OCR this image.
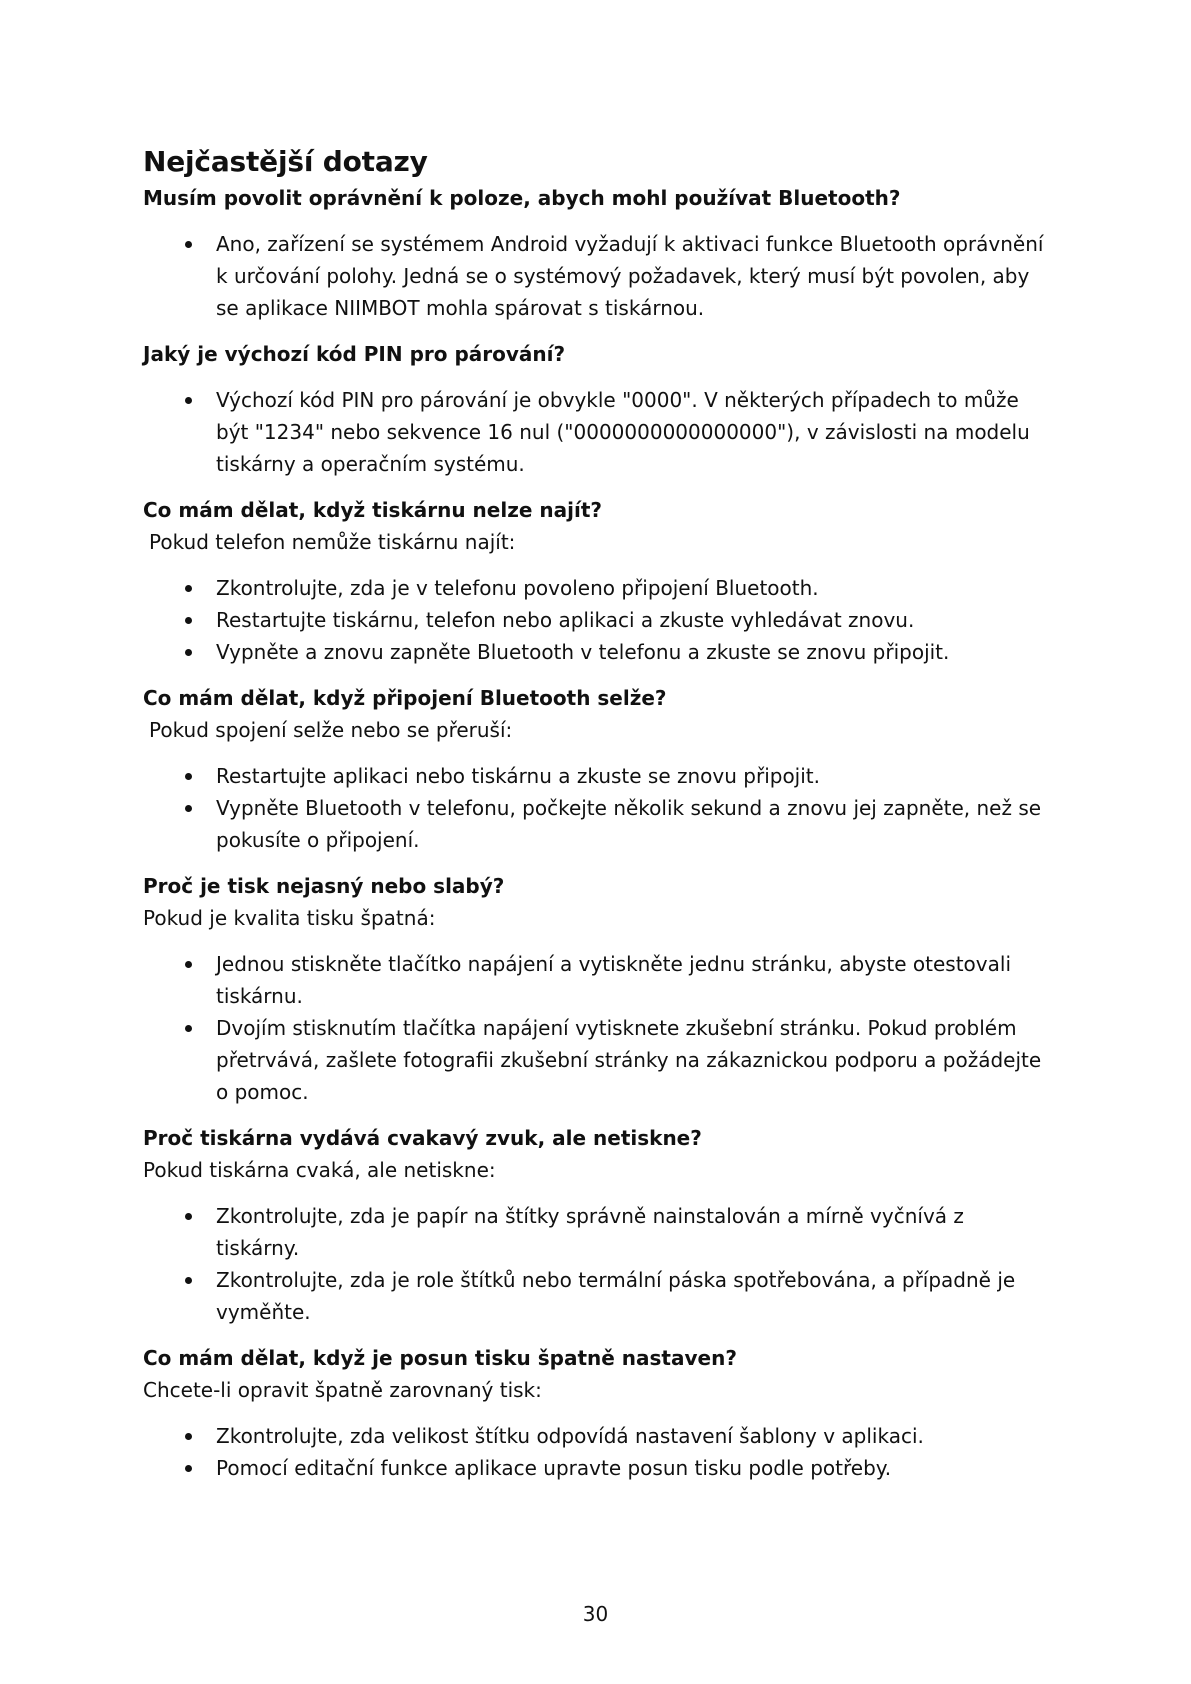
Nejčastější dotazy

Musím povolit oprávnění k poloze, abych mohl používat Bluetooth?

Ano, zařízení se systémem Android vyžadují k aktivaci funkce Bluetooth oprávnění k určování polohy. Jedná se o systémový požadavek, který musí být povolen, aby se aplikace NIIMBOT mohla spárovat s tiskárnou.

Jaký je výchozí kód PIN pro párování?

Výchozí kód PIN pro párování je obvykle "0000". V některých případech to může být "1234" nebo sekvence 16 nul ("0000000000000000"), v závislosti na modelu tiskárny a operačním systému.

Co mám dělat, když tiskárnu nelze najít?

Pokud telefon nemůže tiskárnu najít:

Zkontrolujte, zda je v telefonu povoleno připojení Bluetooth.
Restartujte tiskárnu, telefon nebo aplikaci a zkuste vyhledávat znovu.
Vypněte a znovu zapněte Bluetooth v telefonu a zkuste se znovu připojit.

Co mám dělat, když připojení Bluetooth selže?

Pokud spojení selže nebo se přeruší:

Restartujte aplikaci nebo tiskárnu a zkuste se znovu připojit.
Vypněte Bluetooth v telefonu, počkejte několik sekund a znovu jej zapněte, než se pokusíte o připojení.

Proč je tisk nejasný nebo slabý?

Pokud je kvalita tisku špatná:

Jednou stiskněte tlačítko napájení a vytiskněte jednu stránku, abyste otestovali tiskárnu.
Dvojím stisknutím tlačítka napájení vytisknete zkušební stránku. Pokud problém přetrvává, zašlete fotografii zkušební stránky na zákaznickou podporu a požádejte o pomoc.

Proč tiskárna vydává cvakavý zvuk, ale netiskne?

Pokud tiskárna cvaká, ale netiskne:

Zkontrolujte, zda je papír na štítky správně nainstalován a mírně vyčnívá z tiskárny.
Zkontrolujte, zda je role štítků nebo termální páska spotřebována, a případně je vyměňte.

Co mám dělat, když je posun tisku špatně nastaven?

Chcete-li opravit špatně zarovnaný tisk:

Zkontrolujte, zda velikost štítku odpovídá nastavení šablony v aplikaci.
Pomocí editační funkce aplikace upravte posun tisku podle potřeby.
30
